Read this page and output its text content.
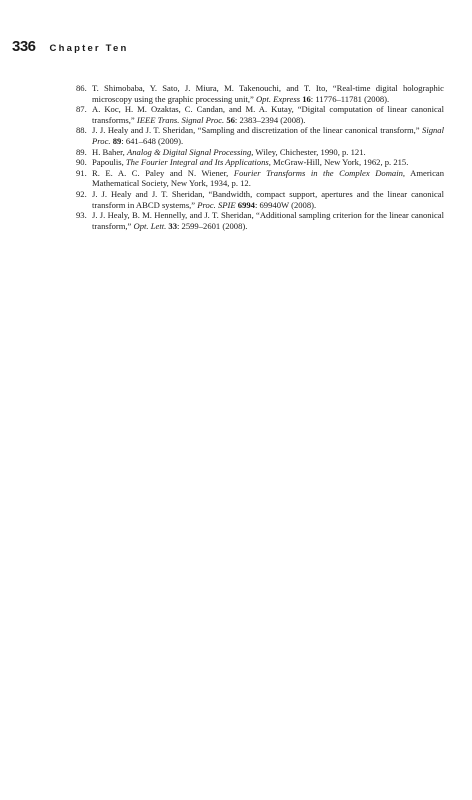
336 Chapter Ten
86. T. Shimobaba, Y. Sato, J. Miura, M. Takenouchi, and T. Ito, “Real-time digital holographic microscopy using the graphic processing unit,” Opt. Express 16: 11776–11781 (2008).
87. A. Koc, H. M. Ozaktas, C. Candan, and M. A. Kutay, “Digital computation of linear canonical transforms,” IEEE Trans. Signal Proc. 56: 2383–2394 (2008).
88. J. J. Healy and J. T. Sheridan, “Sampling and discretization of the linear canonical transform,” Signal Proc. 89: 641–648 (2009).
89. H. Baher, Analog & Digital Signal Processing, Wiley, Chichester, 1990, p. 121.
90. Papoulis, The Fourier Integral and Its Applications, McGraw-Hill, New York, 1962, p. 215.
91. R. E. A. C. Paley and N. Wiener, Fourier Transforms in the Complex Domain, American Mathematical Society, New York, 1934, p. 12.
92. J. J. Healy and J. T. Sheridan, “Bandwidth, compact support, apertures and the linear canonical transform in ABCD systems,” Proc. SPIE 6994: 69940W (2008).
93. J. J. Healy, B. M. Hennelly, and J. T. Sheridan, “Additional sampling criterion for the linear canonical transform,” Opt. Lett. 33: 2599–2601 (2008).
